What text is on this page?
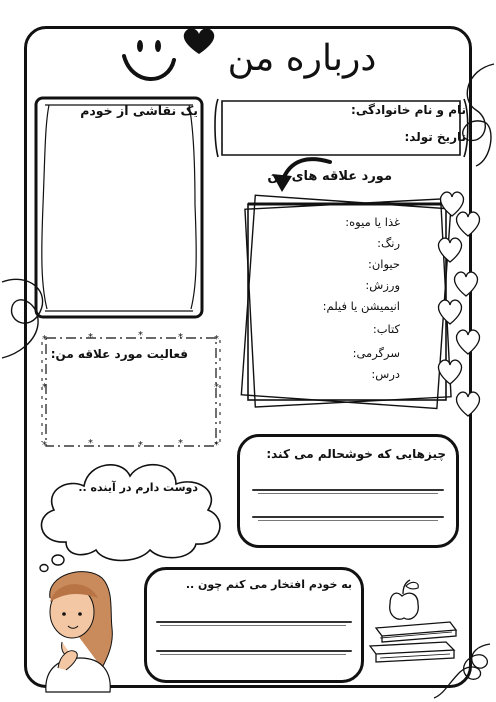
درباره من
یک نقاشی از خودم	نام و نام خانوادگی:
تاریخ تولد:
مورد علاقه های من
غذا یا میوه:
رنگ:
حیوان:
ورزش:
انیمیشن یا فیلم:
کتاب:
سرگرمی:
درس:
*	*	*	*	*
*	*
*	*	*	*	*
فعالیت مورد علاقه من:
دوست دارم در آینده ..
چیزهایی که خوشحالم می کند:
به خودم افتخار می کنم چون ..
